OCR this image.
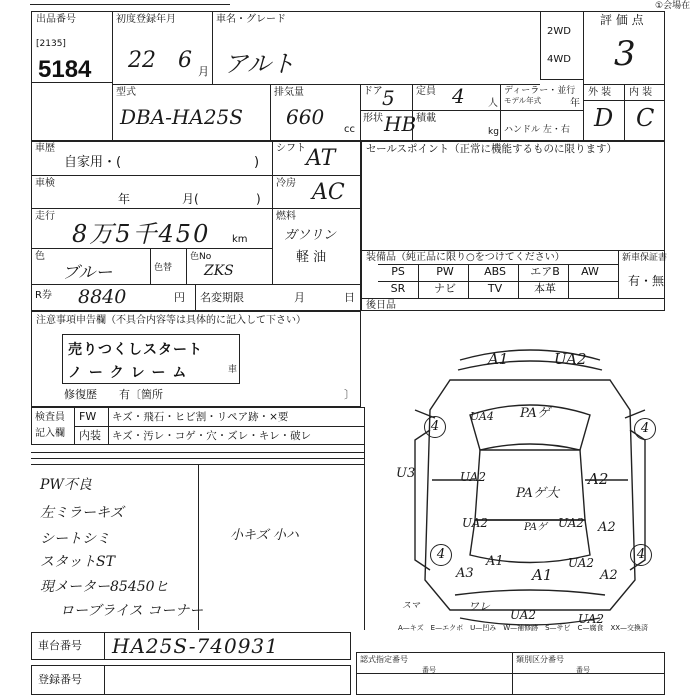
①会場在
出品番号
[2135]
5184
初度登録年月
22 6 月
車名・グレード
アルト
2WD
4WD
評 価 点
3
型式
DBA-HA25S
排気量
660
cc
ドア 5 定員 4 人
ディーラー・並行
モデル年式	年
形状 HB 積載
kg ハンドル 左・右
外 装 内 装
D C
車歴
自家用・(	)
シフト AT
車検
年	月(	)
冷房 AC
走行
8万5千450 km
燃料
ガソリン
軽 油
色
ブルー	色替
色No
ZKS
R券 8840	円 名変期限	月	日
セールスポイント（正常に機能するものに限ります）
装備品（純正品に限り○をつけてください）	新車保証書
有・無
PS	PW	ABS	エアB	AW
SR	ナビ	TV	本革
後日品
注意事項申告欄（不具合内容等は具体的に記入して下さい）
売りつくしスタート
ノ ー ク レ ー ム	車
修復歴　　有〔箇所	〕
検査員
記入欄
FW キズ・飛石・ヒビ割・リペア跡・×要
内装 キズ・汚レ・コゲ・穴・ズレ・キレ・破レ
PW不良
左ミラーキズ
シートシミ
スタットST
現メーター85450ヒ
ローブライス コーナー
小キズ 小ハ
4	4
4	4
A1	UA2
PAゲ
UA4
U3	UA2
PAゲ大
A2
UA2	PAゲ UA2 A2
A1	UA2
A2
A1
A3
ワレ
UA2	UA2
スマ
A—キズ　E—エクボ　U—凹み　W—補修跡　S—サビ　C—腐食　XX—交換済
車台番号 HA25S-740931
登録番号
認式指定番号	類別区分番号
番号	番号
